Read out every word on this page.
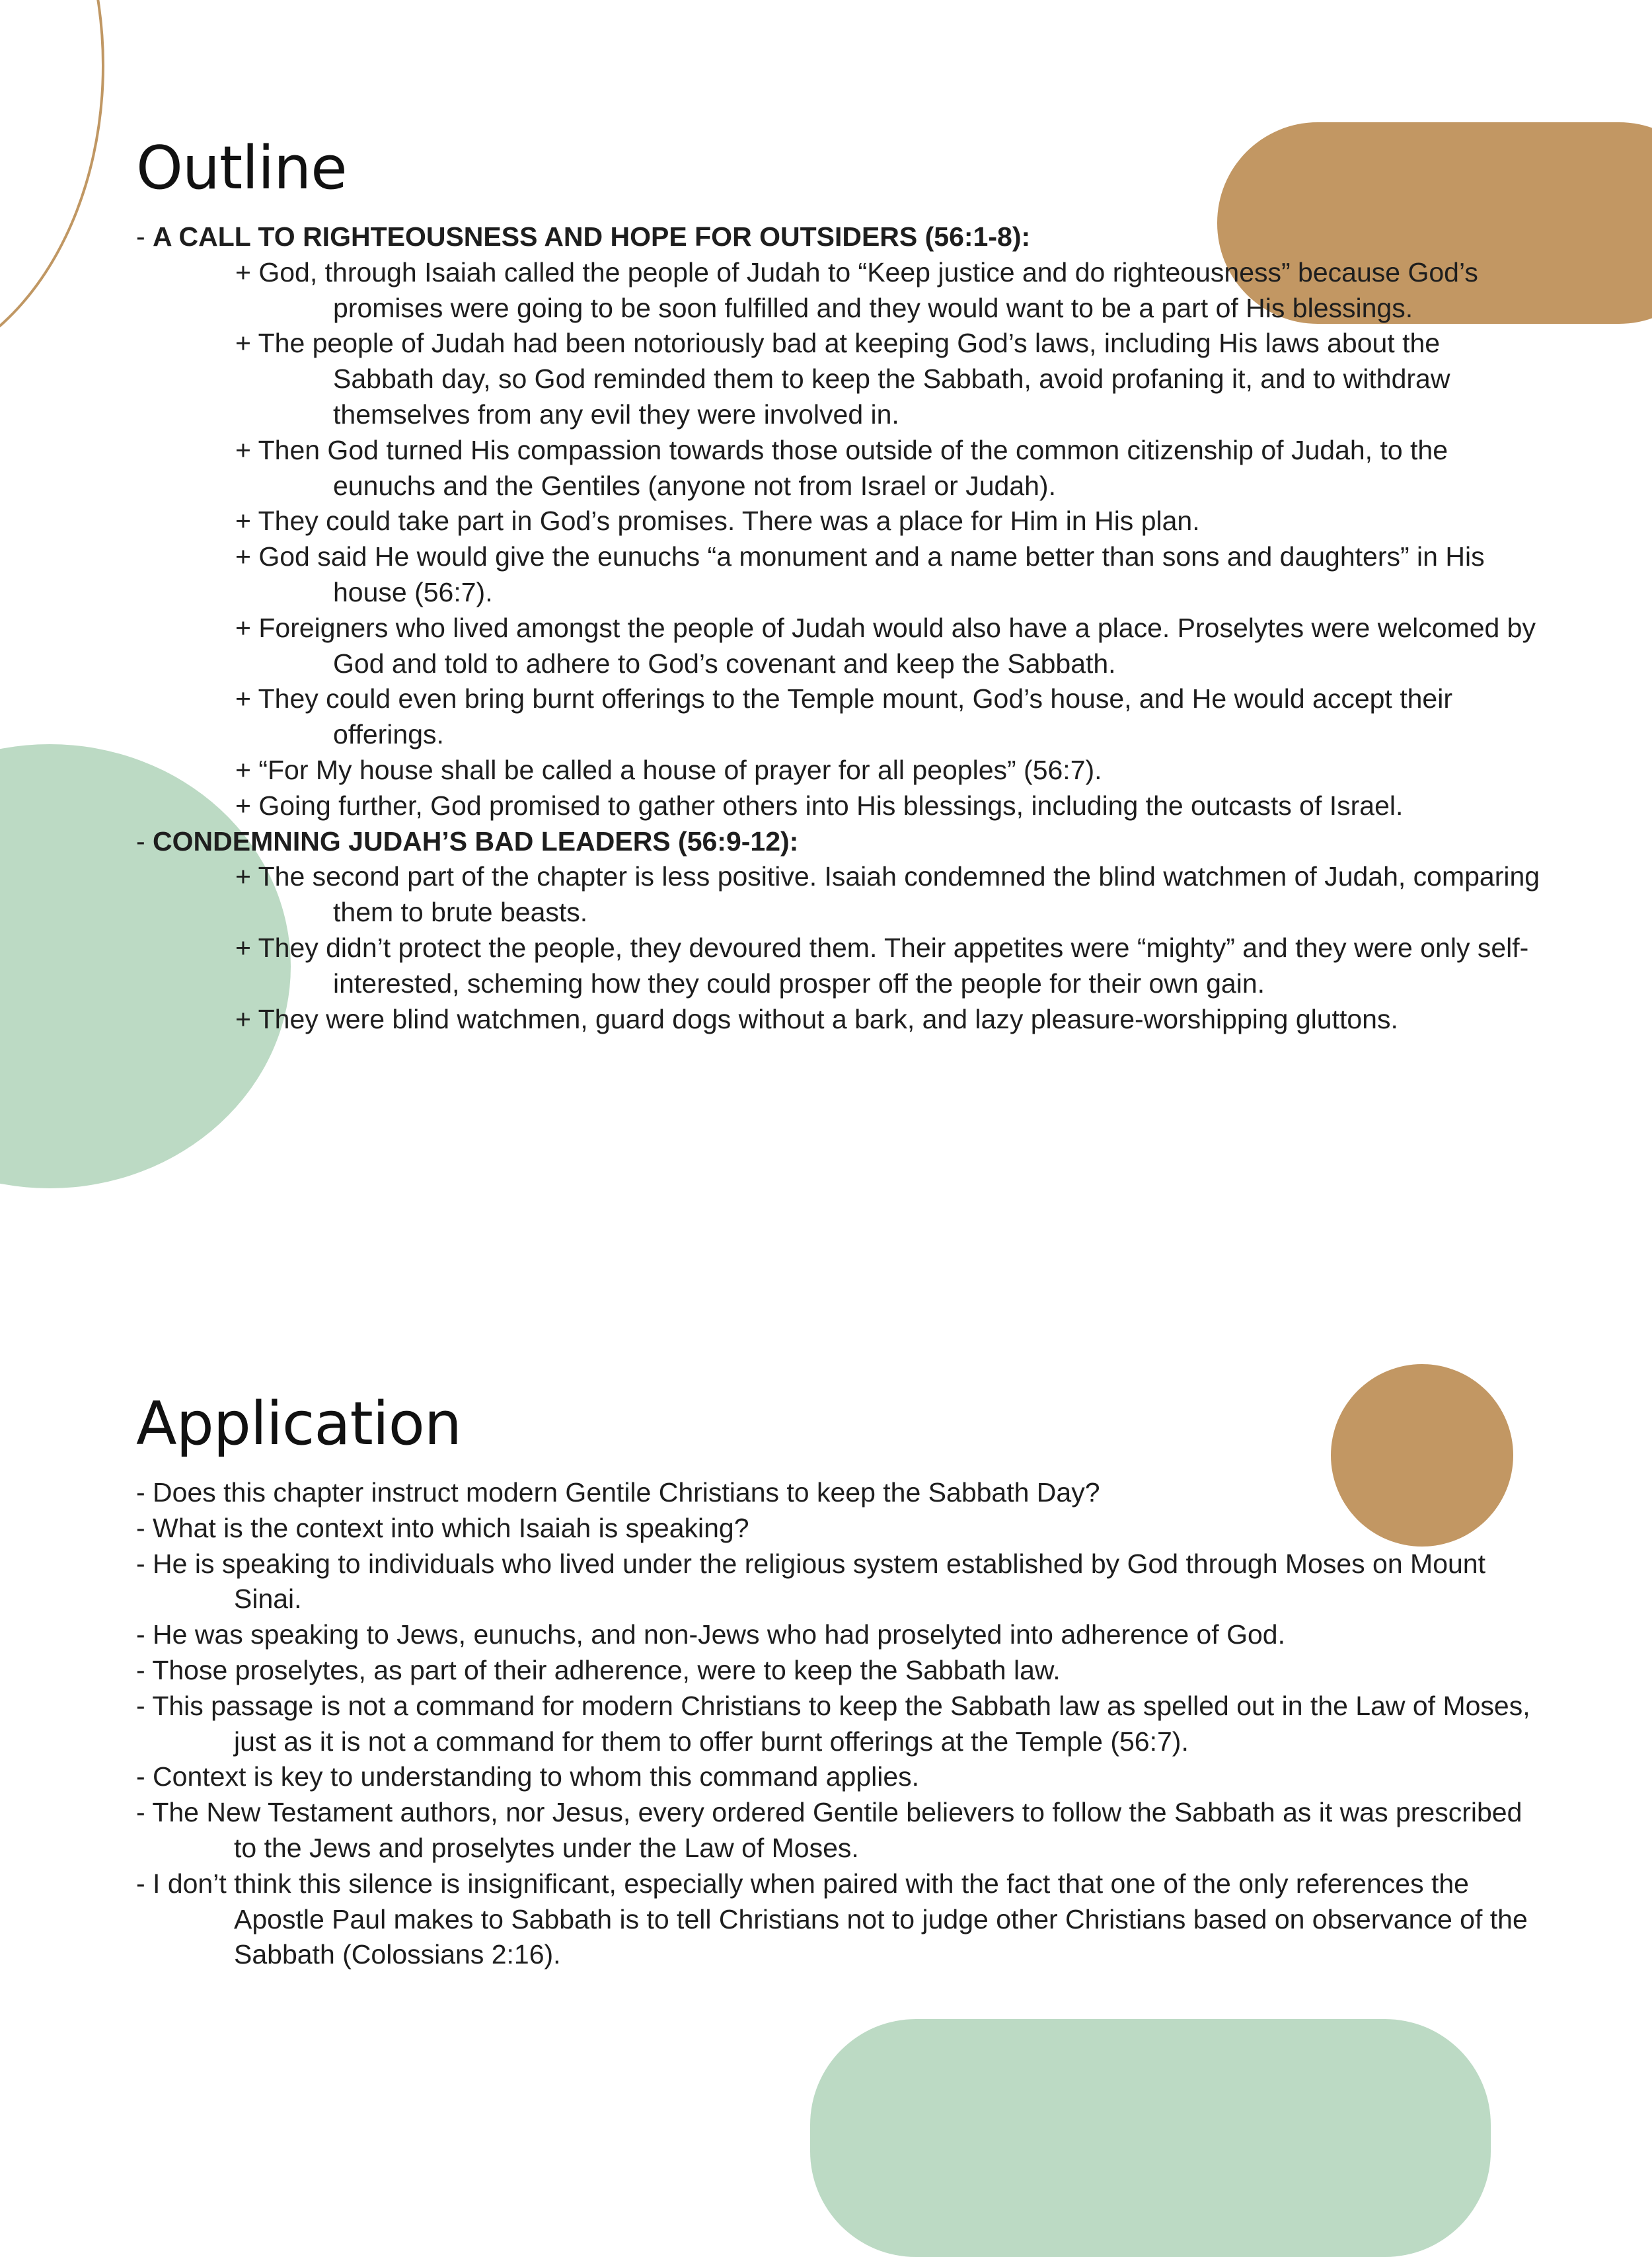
Outline

- A CALL TO RIGHTEOUSNESS AND HOPE FOR OUTSIDERS (56:1-8):

+ God, through Isaiah called the people of Judah to “Keep justice and do righteousness” because God’s promises were going to be soon fulfilled and they would want to be a part of His blessings.

+ The people of Judah had been notoriously bad at keeping God’s laws, including His laws about the Sabbath day, so God reminded them to keep the Sabbath, avoid profaning it, and to withdraw themselves from any evil they were involved in.

+ Then God turned His compassion towards those outside of the common citizenship of Judah, to the eunuchs and the Gentiles (anyone not from Israel or Judah).

+ They could take part in God’s promises. There was a place for Him in His plan.

+ God said He would give the eunuchs “a monument and a name better than sons and daughters” in His house (56:7).

+ Foreigners who lived amongst the people of Judah would also have a place. Proselytes were welcomed by God and told to adhere to God’s covenant and keep the Sabbath.

+ They could even bring burnt offerings to the Temple mount, God’s house, and He would accept their offerings.

+ “For My house shall be called a house of prayer for all peoples” (56:7).

+ Going further, God promised to gather others into His blessings, including the outcasts of Israel.

- CONDEMNING JUDAH’S BAD LEADERS (56:9-12):

+ The second part of the chapter is less positive. Isaiah condemned the blind watchmen of Judah, comparing them to brute beasts.

+ They didn’t protect the people, they devoured them. Their appetites were “mighty” and they were only self-interested, scheming how they could prosper off the people for their own gain.

+ They were blind watchmen, guard dogs without a bark, and lazy pleasure-worshipping gluttons.

Application

- Does this chapter instruct modern Gentile Christians to keep the Sabbath Day?

- What is the context into which Isaiah is speaking?

- He is speaking to individuals who lived under the religious system established by God through Moses on Mount Sinai.

- He was speaking to Jews, eunuchs, and non-Jews who had proselyted into adherence of God.

- Those proselytes, as part of their adherence, were to keep the Sabbath law.

- This passage is not a command for modern Christians to keep the Sabbath law as spelled out in the Law of Moses, just as it is not a command for them to offer burnt offerings at the Temple (56:7).

- Context is key to understanding to whom this command applies.

- The New Testament authors, nor Jesus, every ordered Gentile believers to follow the Sabbath as it was prescribed to the Jews and proselytes under the Law of Moses.

- I don’t think this silence is insignificant, especially when paired with the fact that one of the only references the Apostle Paul makes to Sabbath is to tell Christians not to judge other Christians based on observance of the Sabbath (Colossians 2:16).
